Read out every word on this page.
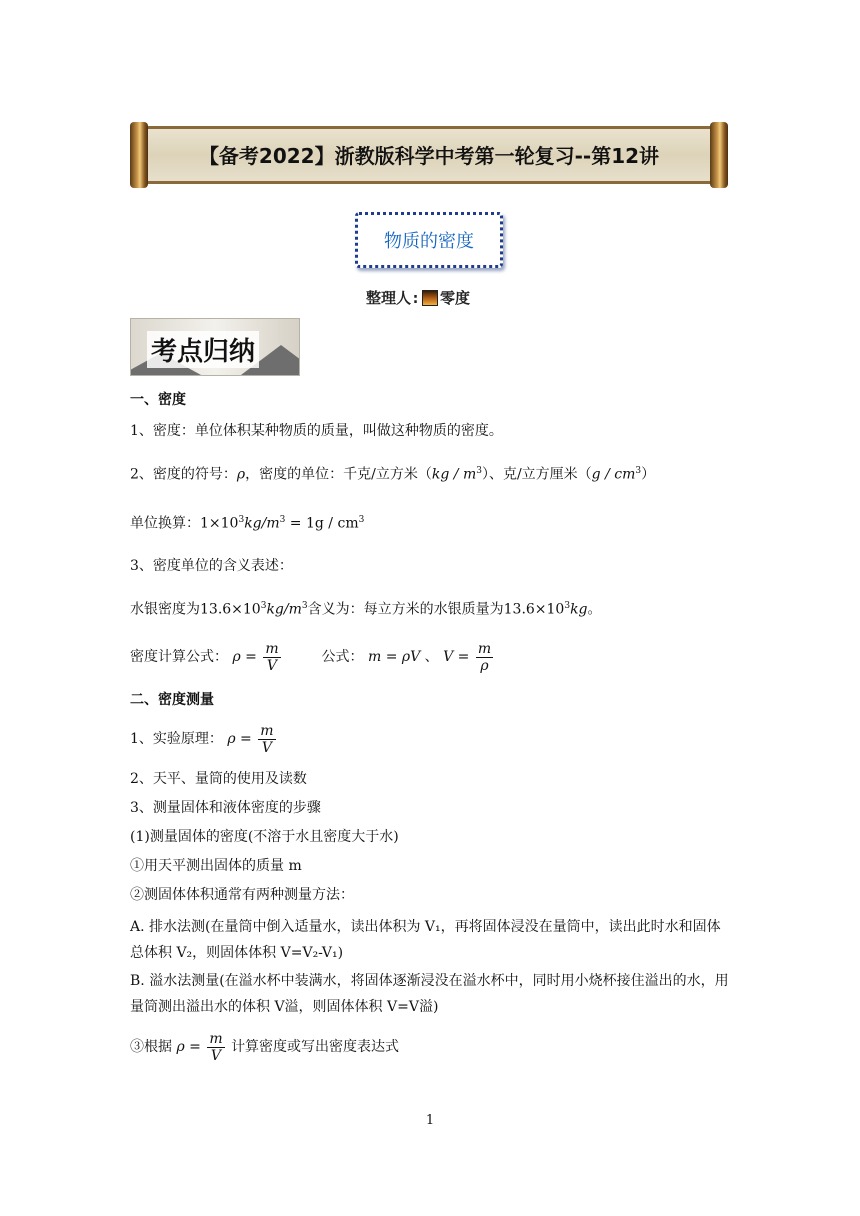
【备考2022】浙教版科学中考第一轮复习--第12讲
物质的密度
整理人: 零度
考点归纳
一、密度
1、密度：单位体积某种物质的质量，叫做这种物质的密度。
2、密度的符号：ρ，密度的单位：千克/立方米$(kg / m^3)$、克/立方厘米$(g / cm^3)$
单位换算：$1\times 10^3kg/m^3 = 1g / cm^3$
3、密度单位的含义表述：
水银密度为$13.6\times 10^3kg/m^3$含义为：每立方米的水银质量为$13.6\times 10^3kg$。
密度计算公式： $\rho = \frac{m}{V}$	公式： m = ρV 、 $V = \frac{m}{\rho}$
二、密度测量
1、实验原理： $\rho = \frac{m}{V}$
2、天平、量筒的使用及读数
3、测量固体和液体密度的步骤
(1)测量固体的密度(不溶于水且密度大于水)
①用天平测出固体的质量 m
②测固体体积通常有两种测量方法：
A. 排水法测(在量筒中倒入适量水，读出体积为 V₁，再将固体浸没在量筒中，读出此时水和固体总体积 V₂，则固体体积 V=V₂-V₁)
B. 溢水法测量(在溢水杯中装满水，将固体逐渐浸没在溢水杯中，同时用小烧杯接住溢出的水，用量筒测出溢出水的体积 V溢，则固体体积 V=V溢)
③根据 $\rho = \frac{m}{V}$ 计算密度或写出密度表达式
1
